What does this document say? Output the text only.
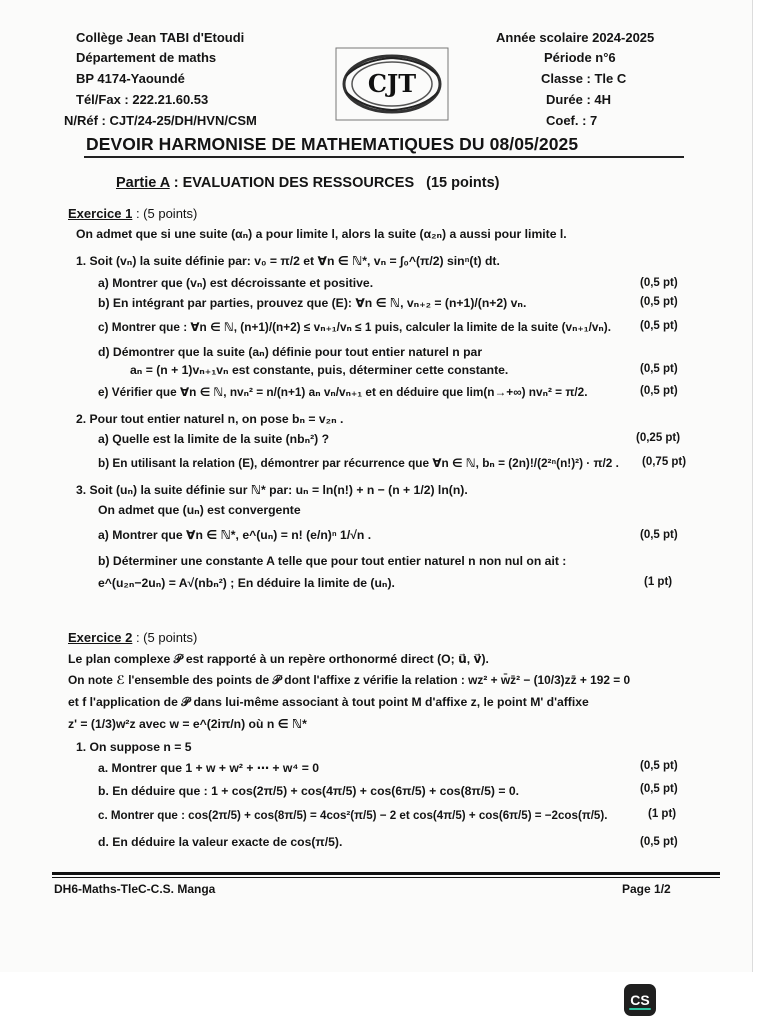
Collège Jean TABI d'Etoudi
Département de maths
BP 4174-Yaoundé
Tél/Fax : 222.21.60.53
N/Réf : CJT/24-25/DH/HVN/CSM
Année scolaire 2024-2025
Période n°6
Classe : Tle C
Durée : 4H
Coef. : 7
CJT
DEVOIR HARMONISE DE MATHEMATIQUES DU 08/05/2025
Partie A : EVALUATION DES RESSOURCES (15 points)
Exercice 1 : (5 points)
On admet que si une suite (αₙ) a pour limite l, alors la suite (α₂ₙ) a aussi pour limite l.
1. Soit (vₙ) la suite définie par: v₀ = π/2 et ∀n ∈ ℕ*, vₙ = ∫₀^(π/2) sinⁿ(t) dt.
a) Montrer que (vₙ) est décroissante et positive.	(0,5 pt)
b) En intégrant par parties, prouvez que (E): ∀n ∈ ℕ, vₙ₊₂ = (n+1)/(n+2) vₙ.	(0,5 pt)
c) Montrer que : ∀n ∈ ℕ, (n+1)/(n+2) ≤ vₙ₊₁/vₙ ≤ 1 puis, calculer la limite de la suite (vₙ₊₁/vₙ).	(0,5 pt)
d) Démontrer que la suite (aₙ) définie pour tout entier naturel n par
aₙ = (n + 1)vₙ₊₁vₙ est constante, puis, déterminer cette constante.	(0,5 pt)
e) Vérifier que ∀n ∈ ℕ, nvₙ² = n/(n+1) aₙ vₙ/vₙ₊₁ et en déduire que lim(n→+∞) nvₙ² = π/2.	(0,5 pt)
2. Pour tout entier naturel n, on pose bₙ = v₂ₙ .
a) Quelle est la limite de la suite (nbₙ²) ?	(0,25 pt)
b) En utilisant la relation (E), démontrer par récurrence que ∀n ∈ ℕ, bₙ = (2n)!/(2²ⁿ(n!)²) · π/2 . (0,75 pt)
3. Soit (uₙ) la suite définie sur ℕ* par: uₙ = ln(n!) + n − (n + 1/2) ln(n).
On admet que (uₙ) est convergente
a) Montrer que ∀n ∈ ℕ*, e^(uₙ) = n! (e/n)ⁿ 1/√n .	(0,5 pt)
b) Déterminer une constante A telle que pour tout entier naturel n non nul on ait :
e^(u₂ₙ−2uₙ) = A√(nbₙ²) ; En déduire la limite de (uₙ).	(1 pt)
Exercice 2 : (5 points)
Le plan complexe 𝒫 est rapporté à un repère orthonormé direct (O; u⃗, v⃗).
On note ℰ l'ensemble des points de 𝒫 dont l'affixe z vérifie la relation : wz² + w̄z̄² − (10/3)zz̄ + 192 = 0
et f l'application de 𝒫 dans lui-même associant à tout point M d'affixe z, le point M' d'affixe
z' = (1/3)w²z avec w = e^(2iπ/n) où n ∈ ℕ*
1. On suppose n = 5
a. Montrer que 1 + w + w² + ⋯ + w⁴ = 0	(0,5 pt)
b. En déduire que : 1 + cos(2π/5) + cos(4π/5) + cos(6π/5) + cos(8π/5) = 0.	(0,5 pt)
c. Montrer que : cos(2π/5) + cos(8π/5) = 4cos²(π/5) − 2 et cos(4π/5) + cos(6π/5) = −2cos(π/5).	(1 pt)
d. En déduire la valeur exacte de cos(π/5).	(0,5 pt)
DH6-Maths-TleC-C.S. Manga	Page 1/2
CS
